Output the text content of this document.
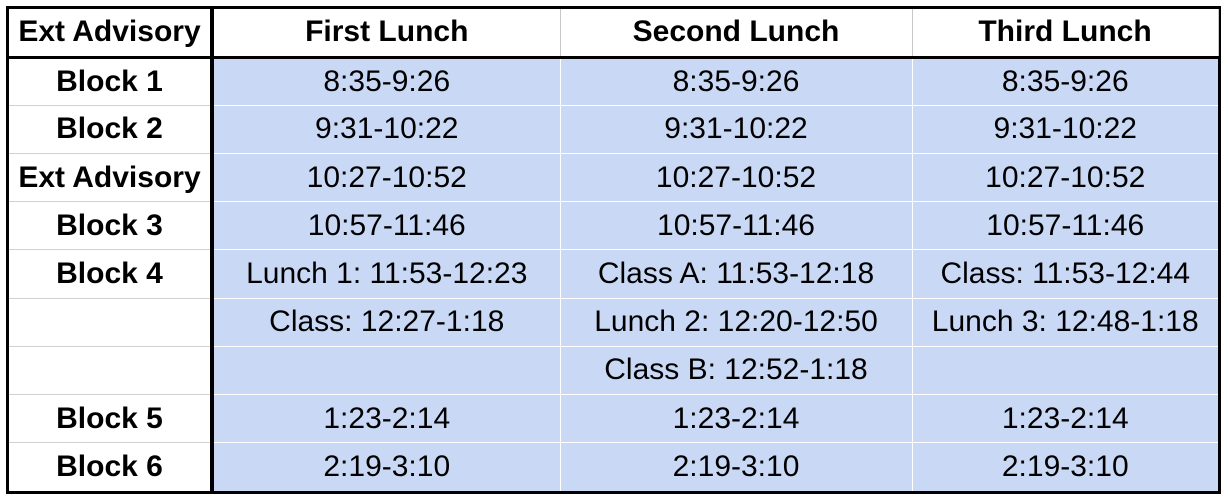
Ext Advisory	First Lunch	Second Lunch	Third Lunch
Block 1	8:35-9:26	8:35-9:26	8:35-9:26
Block 2	9:31-10:22	9:31-10:22	9:31-10:22
Ext Advisory	10:27-10:52	10:27-10:52	10:27-10:52
Block 3	10:57-11:46	10:57-11:46	10:57-11:46
Block 4	Lunch 1: 11:53-12:23	Class A: 11:53-12:18	Class: 11:53-12:44
	Class: 12:27-1:18	Lunch 2: 12:20-12:50	Lunch 3: 12:48-1:18
		Class B: 12:52-1:18	
Block 5	1:23-2:14	1:23-2:14	1:23-2:14
Block 6	2:19-3:10	2:19-3:10	2:19-3:10
